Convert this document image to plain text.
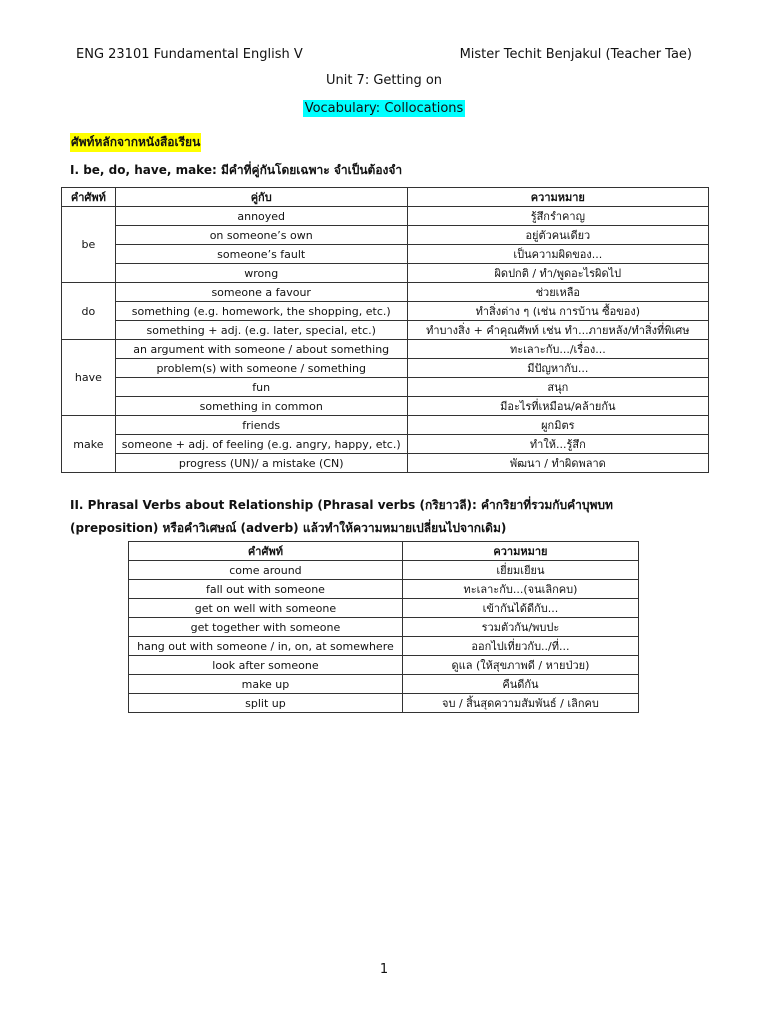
ENG 23101 Fundamental English V	Mister Techit Benjakul (Teacher Tae)
Unit 7: Getting on
Vocabulary: Collocations
ศัพท์หลักจากหนังสือเรียน
I. be, do, have, make: มีคำที่คู่กันโดยเฉพาะ จำเป็นต้องจำ
คำศัพท์	คู่กับ	ความหมาย
be	annoyed	รู้สึกรำคาญ
	on someone’s own	อยู่ตัวคนเดียว
	someone’s fault	เป็นความผิดของ...
	wrong	ผิดปกติ / ทำ/พูดอะไรผิดไป
do	someone a favour	ช่วยเหลือ
	something (e.g. homework, the shopping, etc.)	ทำสิ่งต่าง ๆ (เช่น การบ้าน ซื้อของ)
	something + adj. (e.g. later, special, etc.)	ทำบางสิ่ง + คำคุณศัพท์ เช่น ทำ...ภายหลัง/ทำสิ่งที่พิเศษ
have	an argument with someone / about something	ทะเลาะกับ.../เรื่อง...
	problem(s) with someone / something	มีปัญหากับ...
	fun	สนุก
	something in common	มีอะไรที่เหมือน/คล้ายกัน
make	friends	ผูกมิตร
	someone + adj. of feeling (e.g. angry, happy, etc.)	ทำให้...รู้สึก
	progress (UN)/ a mistake (CN)	พัฒนา / ทำผิดพลาด
II. Phrasal Verbs about Relationship (Phrasal verbs (กริยาวลี): คำกริยาที่รวมกับคำบุพบท (preposition) หรือคำวิเศษณ์ (adverb) แล้วทำให้ความหมายเปลี่ยนไปจากเดิม)
คำศัพท์	ความหมาย
come around	เยี่ยมเยียน
fall out with someone	ทะเลาะกับ...(จนเลิกคบ)
get on well with someone	เข้ากันได้ดีกับ...
get together with someone	รวมตัวกัน/พบปะ
hang out with someone / in, on, at somewhere	ออกไปเที่ยวกับ../ที่...
look after someone	ดูแล (ให้สุขภาพดี / หายป่วย)
make up	คืนดีกัน
split up	จบ / สิ้นสุดความสัมพันธ์ / เลิกคบ
1
